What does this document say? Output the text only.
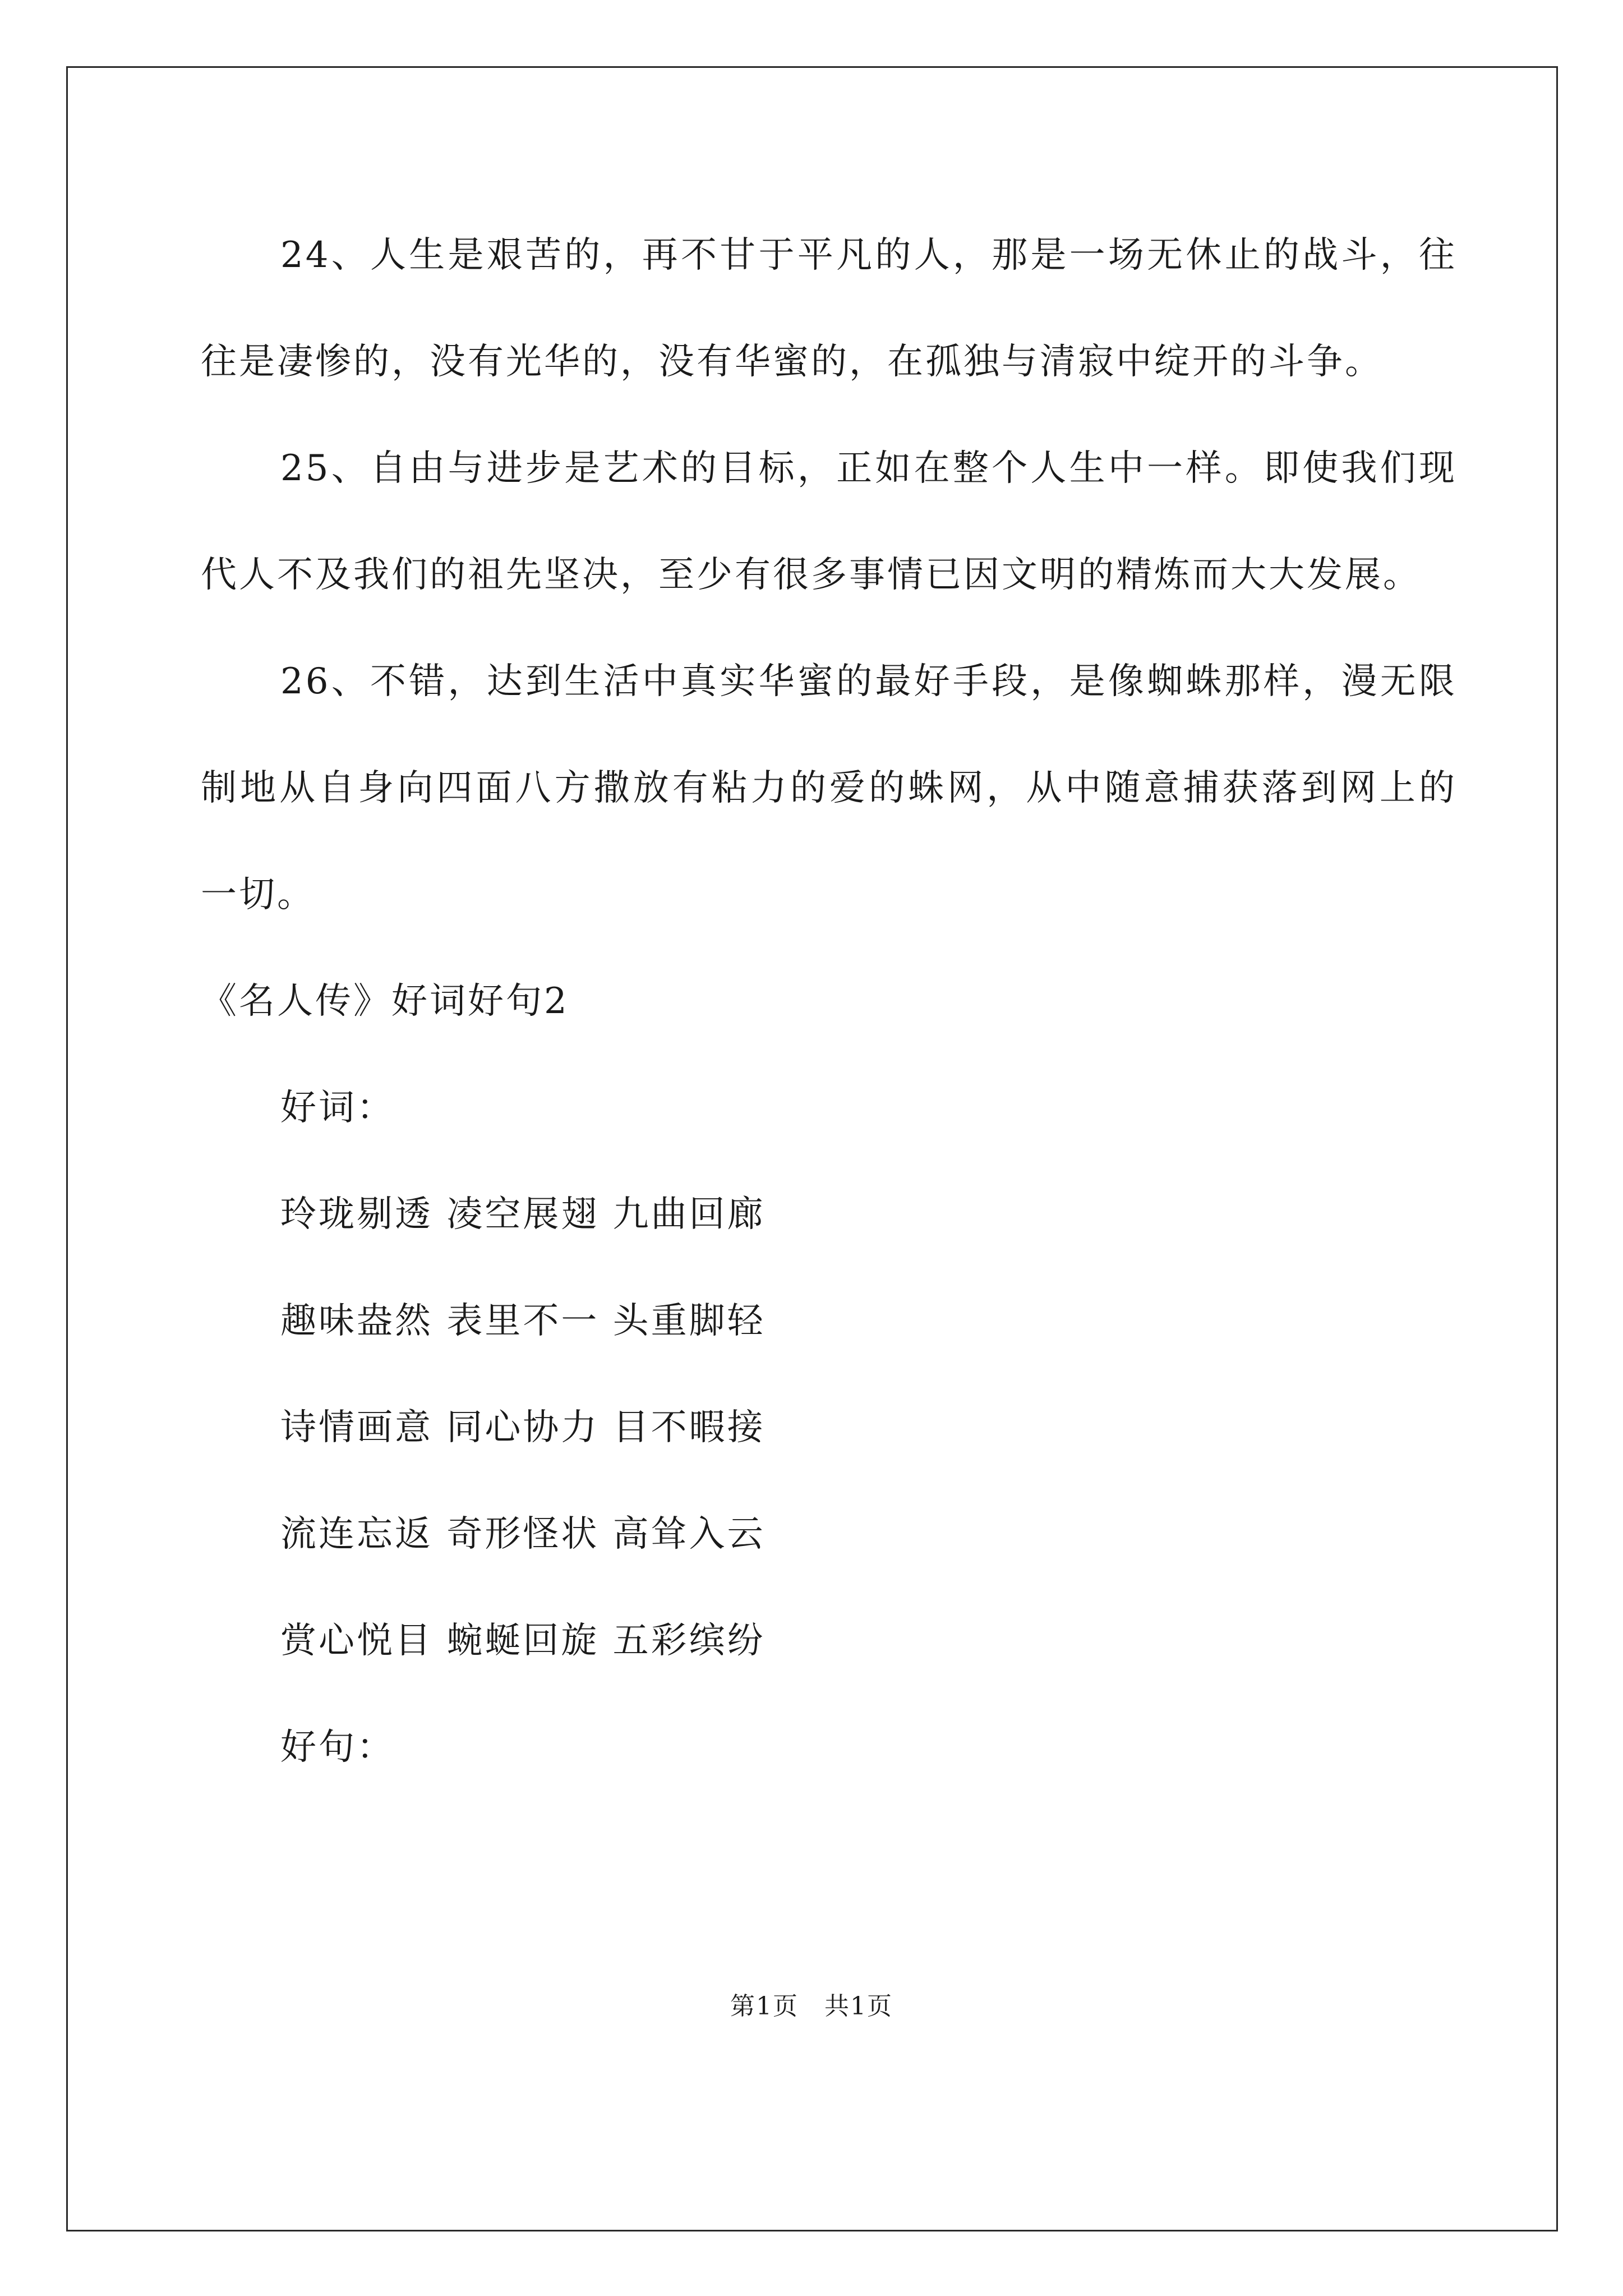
24、人生是艰苦的，再不甘于平凡的人，那是一场无休止的战斗，往往是凄惨的，没有光华的，没有华蜜的，在孤独与清寂中绽开的斗争。

25、自由与进步是艺术的目标，正如在整个人生中一样。即使我们现代人不及我们的祖先坚决，至少有很多事情已因文明的精炼而大大发展。

26、不错，达到生活中真实华蜜的最好手段，是像蜘蛛那样，漫无限制地从自身向四面八方撒放有粘力的爱的蛛网，从中随意捕获落到网上的一切。

《名人传》好词好句2

好词：

玲珑剔透 凌空展翅 九曲回廊

趣味盎然 表里不一 头重脚轻

诗情画意 同心协力 目不暇接

流连忘返 奇形怪状 高耸入云

赏心悦目 蜿蜒回旋 五彩缤纷

好句：

第1页　共1页
